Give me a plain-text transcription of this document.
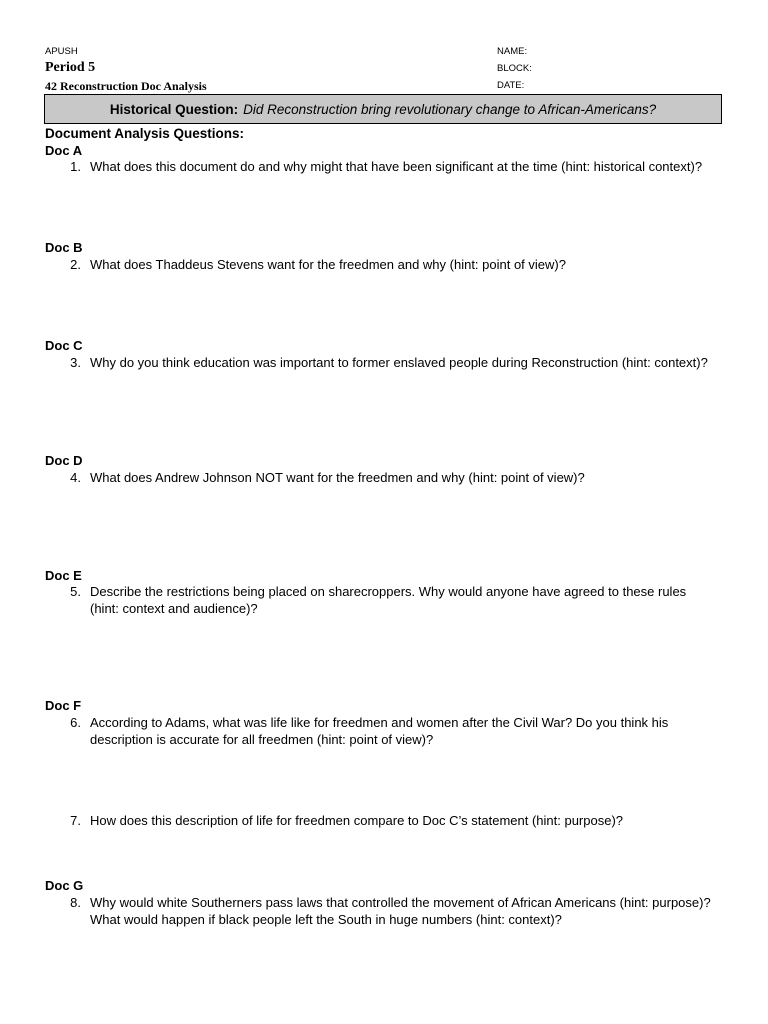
APUSH
Period 5
42 Reconstruction Doc Analysis
NAME:
BLOCK:
DATE:
Historical Question: Did Reconstruction bring revolutionary change to African-Americans?
Document Analysis Questions:
Doc A
1. What does this document do and why might that have been significant at the time (hint: historical context)?
Doc B
2. What does Thaddeus Stevens want for the freedmen and why (hint: point of view)?
Doc C
3. Why do you think education was important to former enslaved people during Reconstruction (hint: context)?
Doc D
4. What does Andrew Johnson NOT want for the freedmen and why (hint: point of view)?
Doc E
5. Describe the restrictions being placed on sharecroppers. Why would anyone have agreed to these rules (hint: context and audience)?
Doc F
6. According to Adams, what was life like for freedmen and women after the Civil War? Do you think his description is accurate for all freedmen (hint: point of view)?
7. How does this description of life for freedmen compare to Doc C’s statement (hint: purpose)?
Doc G
8. Why would white Southerners pass laws that controlled the movement of African Americans (hint: purpose)? What would happen if black people left the South in huge numbers (hint: context)?
